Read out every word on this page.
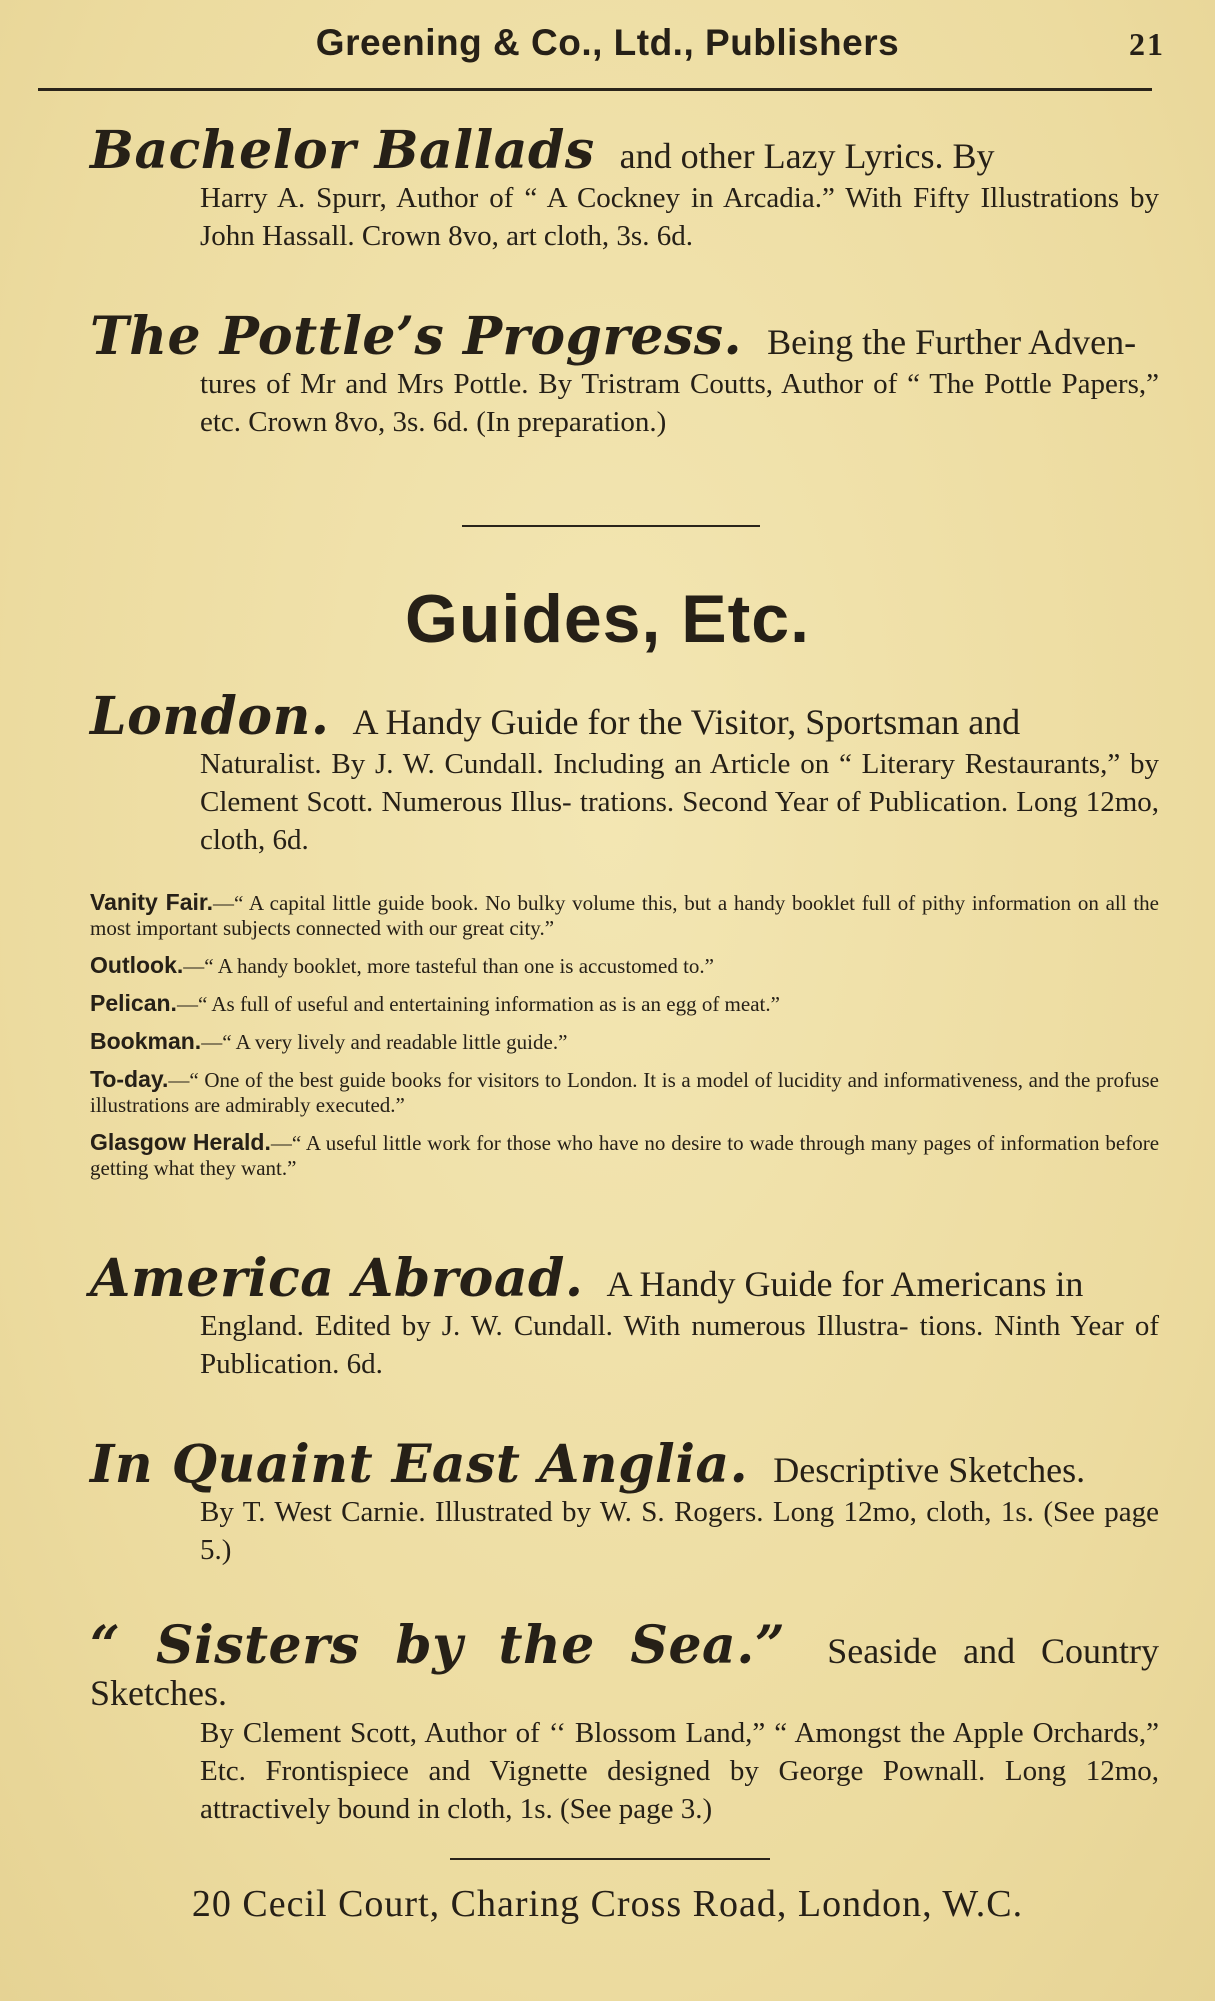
Greening & Co., Ltd., Publishers	21
Bachelor Ballads and other Lazy Lyrics. By
Harry A. Spurr, Author of “ A Cockney in Arcadia.” With Fifty Illustrations by John Hassall. Crown 8vo, art cloth, 3s. 6d.
The Pottle’s Progress. Being the Further Adven-
tures of Mr and Mrs Pottle. By Tristram Coutts, Author of “ The Pottle Papers,” etc. Crown 8vo, 3s. 6d. (In preparation.)
Guides, Etc.
London. A Handy Guide for the Visitor, Sportsman and
Naturalist. By J. W. Cundall. Including an Article on “ Literary Restaurants,” by Clement Scott. Numerous Illus- trations. Second Year of Publication. Long 12mo, cloth, 6d.
Vanity Fair.—“ A capital little guide book. No bulky volume this, but a handy booklet full of pithy information on all the most important subjects connected with our great city.”
Outlook.—“ A handy booklet, more tasteful than one is accustomed to.”
Pelican.—“ As full of useful and entertaining information as is an egg of meat.”
Bookman.—“ A very lively and readable little guide.”
To-day.—“ One of the best guide books for visitors to London. It is a model of lucidity and informativeness, and the profuse illustrations are admirably executed.”
Glasgow Herald.—“ A useful little work for those who have no desire to wade through many pages of information before getting what they want.”
America Abroad. A Handy Guide for Americans in
England. Edited by J. W. Cundall. With numerous Illustra- tions. Ninth Year of Publication. 6d.
In Quaint East Anglia. Descriptive Sketches.
By T. West Carnie. Illustrated by W. S. Rogers. Long 12mo, cloth, 1s. (See page 5.)
“ Sisters by the Sea.” Seaside and Country Sketches.
By Clement Scott, Author of ‘‘ Blossom Land,” “ Amongst the Apple Orchards,” Etc. Frontispiece and Vignette designed by George Pownall. Long 12mo, attractively bound in cloth, 1s. (See page 3.)
20 Cecil Court, Charing Cross Road, London, W.C.
